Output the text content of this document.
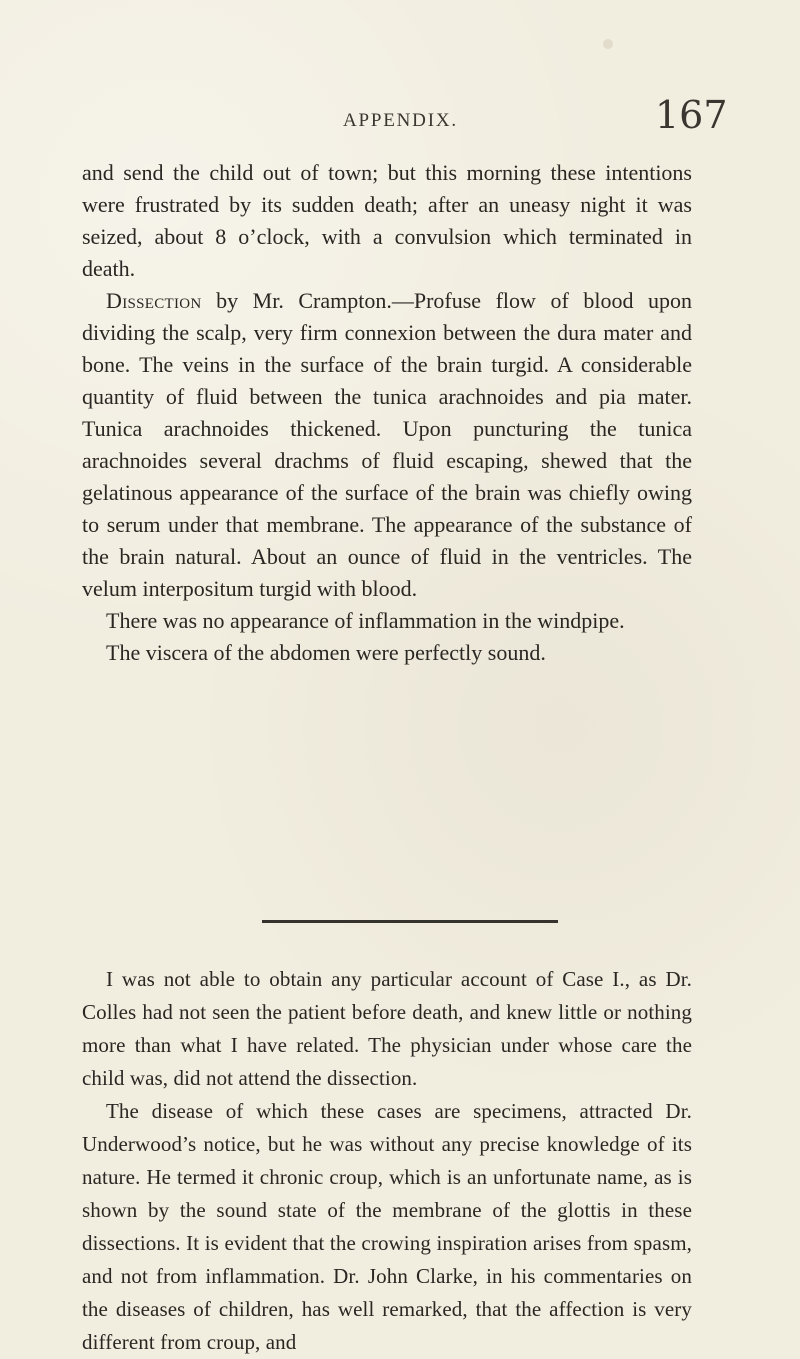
APPENDIX.	167

and send the child out of town; but this morning these intentions were frustrated by its sudden death; after an uneasy night it was seized, about 8 o’clock, with a convulsion which terminated in death.

Dissection by Mr. Crampton.—Profuse flow of blood upon dividing the scalp, very firm connexion between the dura mater and bone. The veins in the surface of the brain turgid. A considerable quantity of fluid between the tunica arachnoides and pia mater. Tunica arachnoides thickened. Upon puncturing the tunica arachnoides several drachms of fluid escaping, shewed that the gelatinous appearance of the surface of the brain was chiefly owing to serum under that membrane. The appearance of the substance of the brain natural. About an ounce of fluid in the ventricles. The velum interpositum turgid with blood.

There was no appearance of inflammation in the windpipe.

The viscera of the abdomen were perfectly sound.

I was not able to obtain any particular account of Case I., as Dr. Colles had not seen the patient before death, and knew little or nothing more than what I have related. The physician under whose care the child was, did not attend the dissection.

The disease of which these cases are specimens, attracted Dr. Underwood’s notice, but he was without any precise knowledge of its nature. He termed it chronic croup, which is an unfortunate name, as is shown by the sound state of the membrane of the glottis in these dissections. It is evident that the crowing inspiration arises from spasm, and not from inflammation. Dr. John Clarke, in his commentaries on the diseases of children, has well remarked, that the affection is very different from croup, and
